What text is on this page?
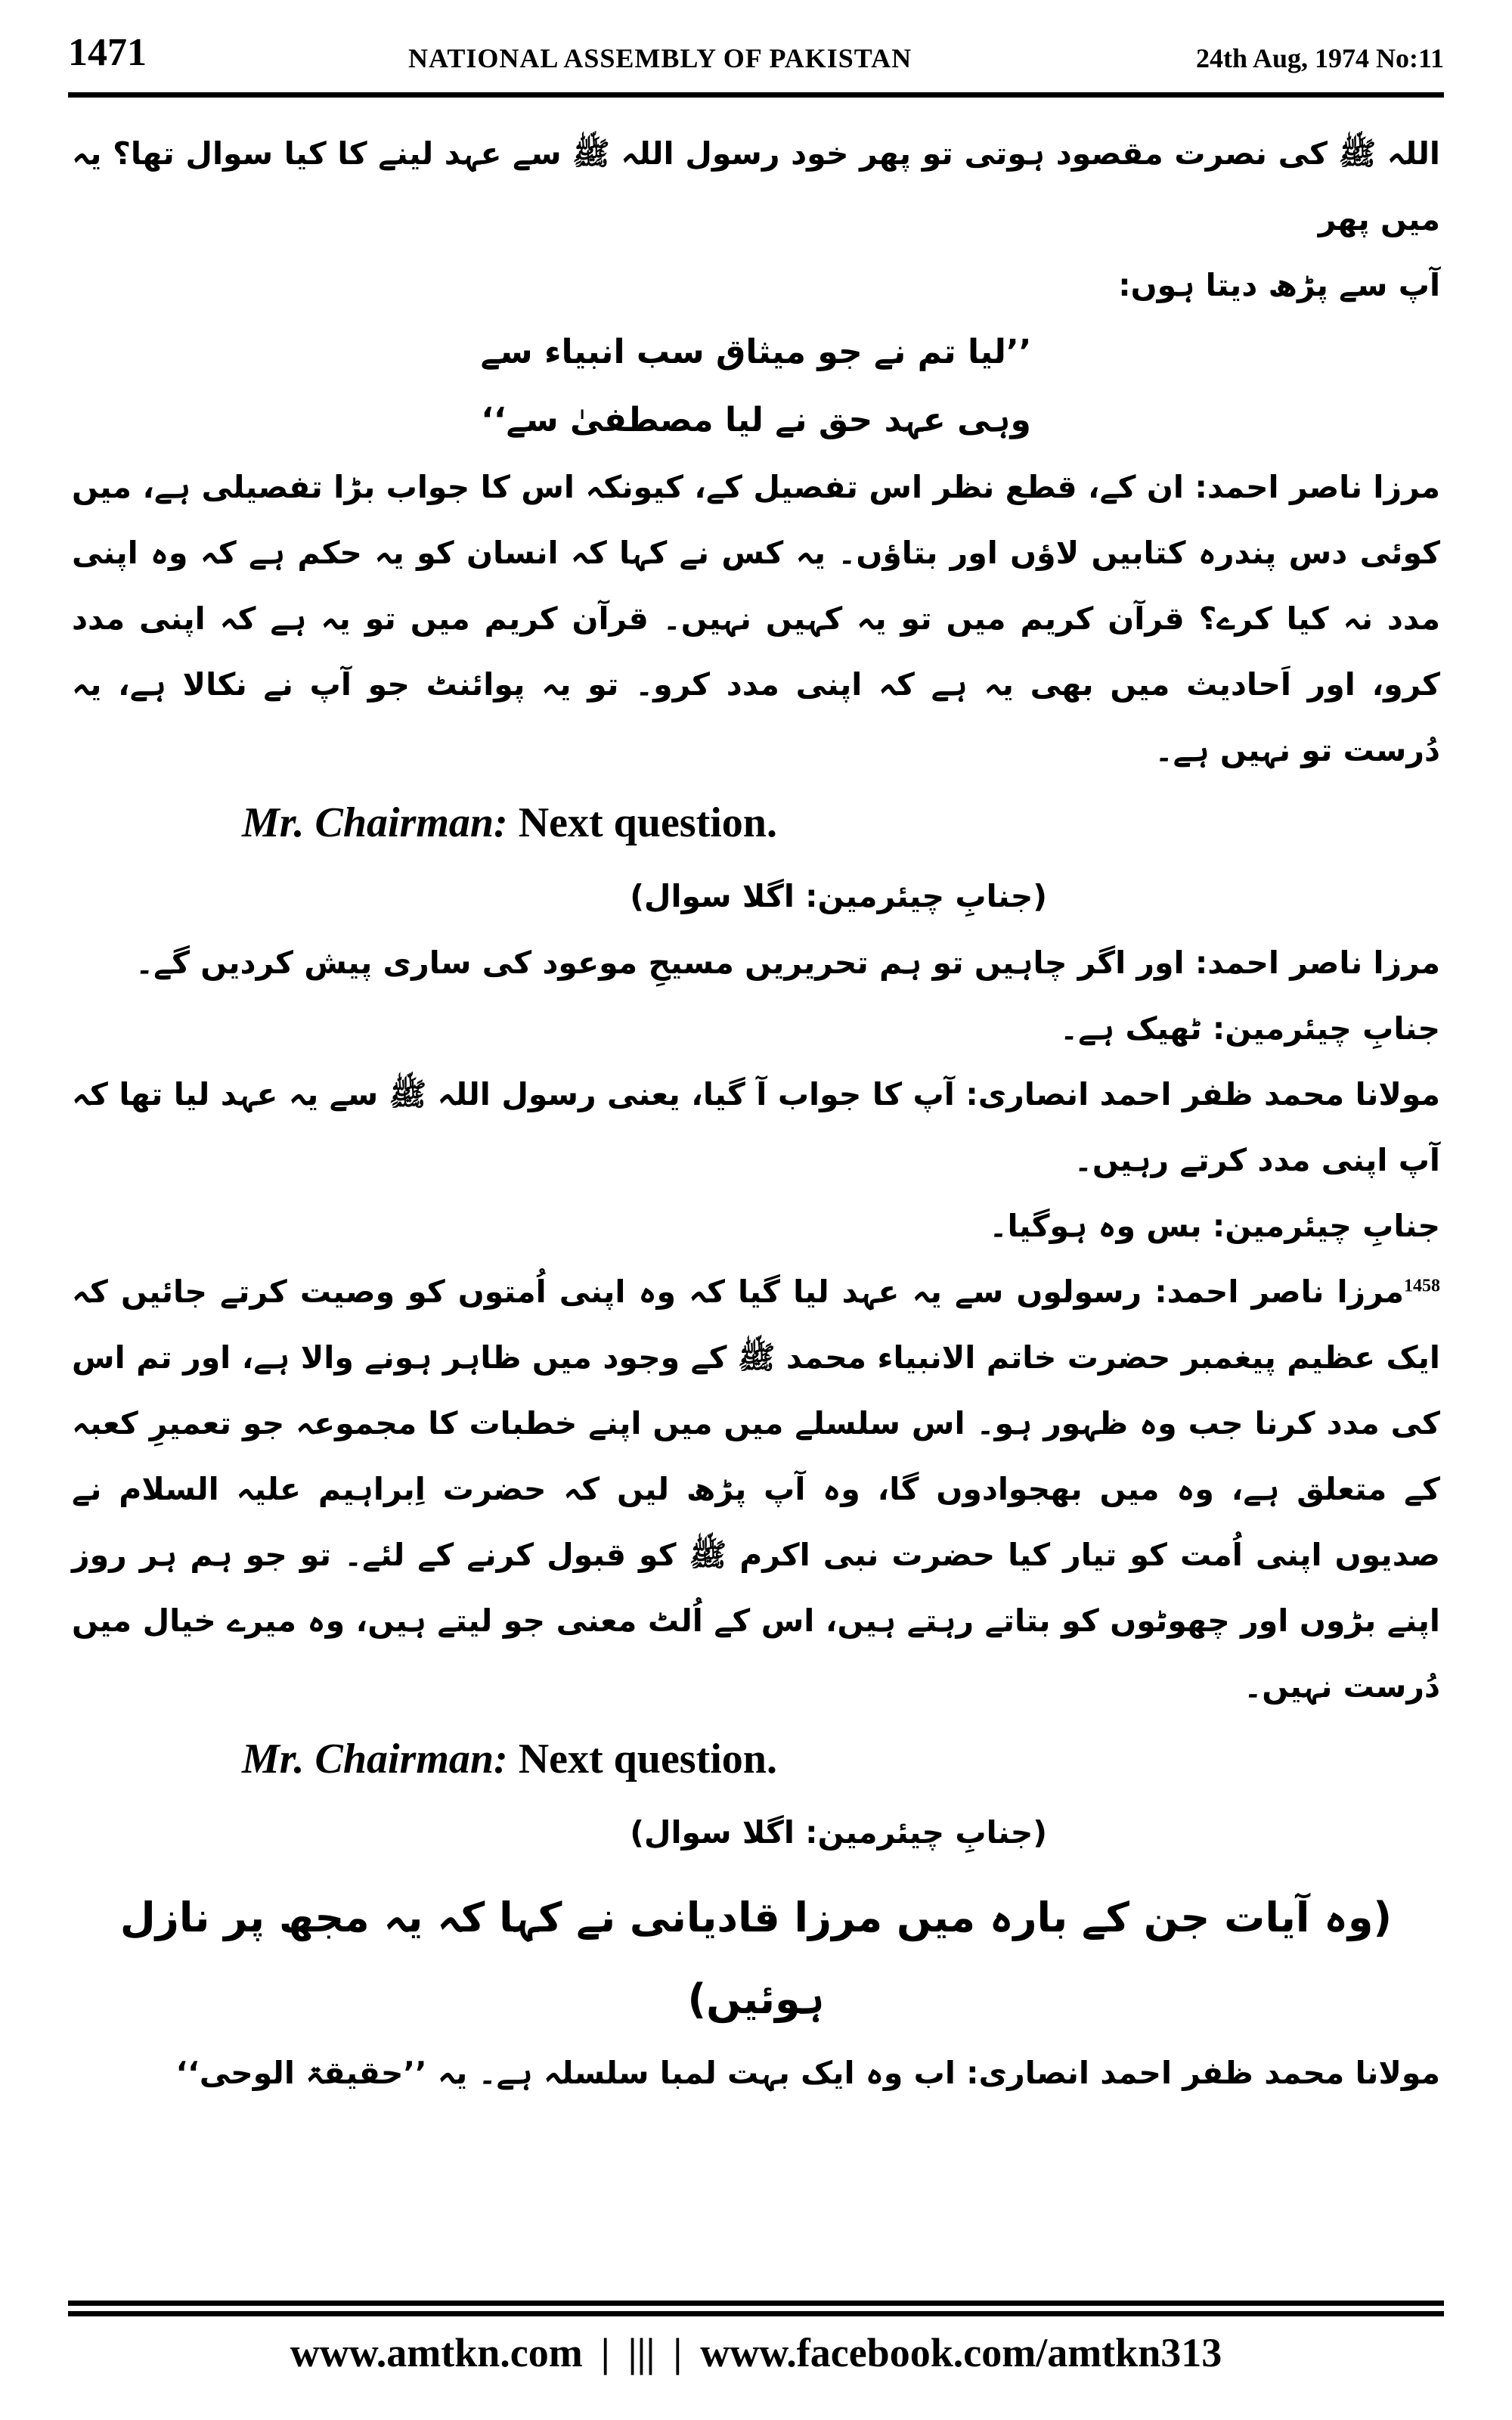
1471	NATIONAL ASSEMBLY OF PAKISTAN	24th Aug, 1974 No:11

اللہ ﷺ کی نصرت مقصود ہوتی تو پھر خود رسول اللہ ﷺ سے عہد لینے کا کیا سوال تھا؟ یہ میں پھر
آپ سے پڑھ دیتا ہوں:

’’لیا تم نے جو میثاق سب انبیاء سے
وہی عہد حق نے لیا مصطفیٰ سے‘‘

مرزا ناصر احمد: ان کے، قطع نظر اس تفصیل کے، کیونکہ اس کا جواب بڑا تفصیلی ہے، میں کوئی دس پندرہ کتابیں لاؤں اور بتاؤں۔ یہ کس نے کہا کہ انسان کو یہ حکم ہے کہ وہ اپنی مدد نہ کیا کرے؟ قرآن کریم میں تو یہ کہیں نہیں۔ قرآن کریم میں تو یہ ہے کہ اپنی مدد کرو، اور اَحادیث میں بھی یہ ہے کہ اپنی مدد کرو۔ تو یہ پوائنٹ جو آپ نے نکالا ہے، یہ دُرست تو نہیں ہے۔

Mr. Chairman: Next question.
(جنابِ چیئرمین: اگلا سوال)

مرزا ناصر احمد: اور اگر چاہیں تو ہم تحریریں مسیحِ موعود کی ساری پیش کردیں گے۔

جنابِ چیئرمین: ٹھیک ہے۔

مولانا محمد ظفر احمد انصاری: آپ کا جواب آ گیا، یعنی رسول اللہ ﷺ سے یہ عہد لیا تھا کہ آپ اپنی مدد کرتے رہیں۔

جنابِ چیئرمین: بس وہ ہوگیا۔

$^{1458}$مرزا ناصر احمد: رسولوں سے یہ عہد لیا گیا کہ وہ اپنی اُمتوں کو وصیت کرتے جائیں کہ ایک عظیم پیغمبر حضرت خاتم الانبیاء محمد ﷺ کے وجود میں ظاہر ہونے والا ہے، اور تم اس کی مدد کرنا جب وہ ظہور ہو۔ اس سلسلے میں میں اپنے خطبات کا مجموعہ جو تعمیرِ کعبہ کے متعلق ہے، وہ میں بھجوادوں گا، وہ آپ پڑھ لیں کہ حضرت اِبراہیم علیہ السلام نے صدیوں اپنی اُمت کو تیار کیا حضرت نبی اکرم ﷺ کو قبول کرنے کے لئے۔ تو جو ہم ہر روز اپنے بڑوں اور چھوٹوں کو بتاتے رہتے ہیں، اس کے اُلٹ معنی جو لیتے ہیں، وہ میرے خیال میں دُرست نہیں۔

Mr. Chairman: Next question.
(جنابِ چیئرمین: اگلا سوال)
(وہ آیات جن کے بارہ میں مرزا قادیانی نے کہا کہ یہ مجھ پر نازل ہوئیں)

مولانا محمد ظفر احمد انصاری: اب وہ ایک بہت لمبا سلسلہ ہے۔ یہ ’’حقیقۃ الوحی‘‘

www.amtkn.com | ||| | www.facebook.com/amtkn313
